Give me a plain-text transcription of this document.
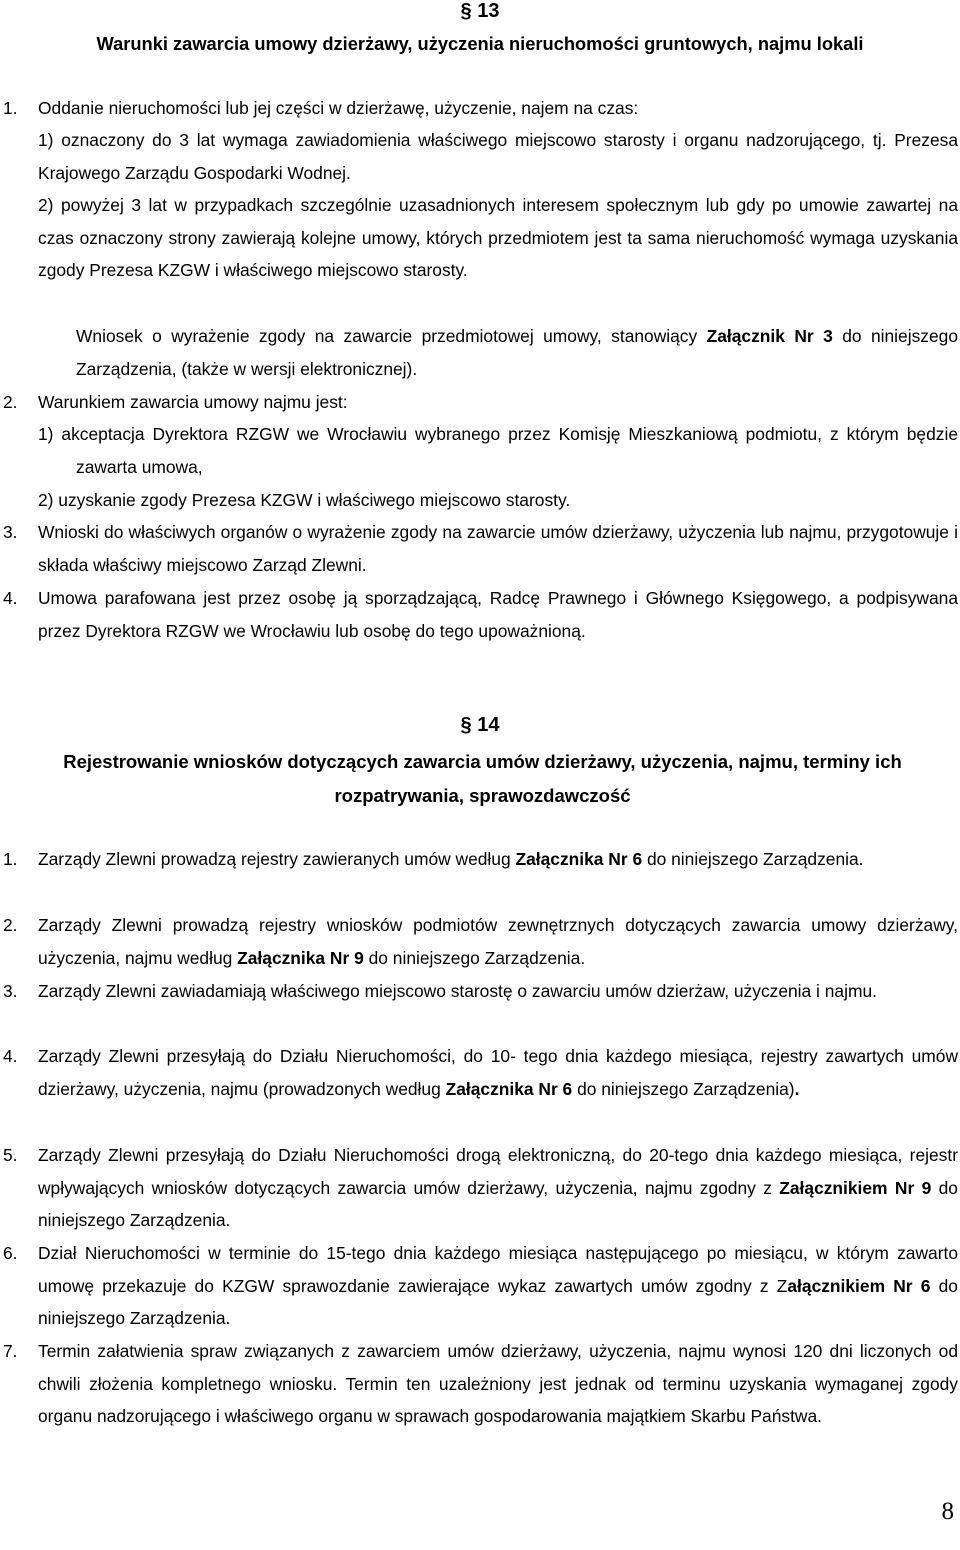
§ 13
Warunki zawarcia umowy dzierżawy, użyczenia nieruchomości gruntowych, najmu lokali
1. Oddanie nieruchomości lub jej części w dzierżawę, użyczenie, najem na czas:
1) oznaczony do 3 lat wymaga zawiadomienia właściwego miejscowo starosty i organu nadzorującego, tj. Prezesa Krajowego Zarządu Gospodarki Wodnej.
2) powyżej 3 lat w przypadkach szczególnie uzasadnionych interesem społecznym lub gdy po umowie zawartej na czas oznaczony strony zawierają kolejne umowy, których przedmiotem jest ta sama nieruchomość wymaga uzyskania zgody Prezesa KZGW i właściwego miejscowo starosty.
Wniosek o wyrażenie zgody na zawarcie przedmiotowej umowy, stanowiący Załącznik Nr 3 do niniejszego Zarządzenia, (także w wersji elektronicznej).
2. Warunkiem zawarcia umowy najmu jest:
1) akceptacja Dyrektora RZGW we Wrocławiu wybranego przez Komisję Mieszkaniową podmiotu, z którym będzie zawarta umowa,
2) uzyskanie zgody Prezesa KZGW i właściwego miejscowo starosty.
3. Wnioski do właściwych organów o wyrażenie zgody na zawarcie umów dzierżawy, użyczenia lub najmu, przygotowuje i składa właściwy miejscowo Zarząd Zlewni.
4. Umowa parafowana jest przez osobę ją sporządzającą, Radcę Prawnego i Głównego Księgowego, a podpisywana przez Dyrektora RZGW we Wrocławiu lub osobę do tego upoważnioną.
§ 14
Rejestrowanie wniosków dotyczących zawarcia umów dzierżawy, użyczenia, najmu, terminy ich
rozpatrywania, sprawozdawczość
1. Zarządy Zlewni prowadzą rejestry zawieranych umów według Załącznika Nr 6 do niniejszego Zarządzenia.
2. Zarządy Zlewni prowadzą rejestry wniosków podmiotów zewnętrznych dotyczących zawarcia umowy dzierżawy, użyczenia, najmu według Załącznika Nr 9 do niniejszego Zarządzenia.
3. Zarządy Zlewni zawiadamiają właściwego miejscowo starostę o zawarciu umów dzierżaw, użyczenia i najmu.
4. Zarządy Zlewni przesyłają do Działu Nieruchomości, do 10- tego dnia każdego miesiąca, rejestry zawartych umów dzierżawy, użyczenia, najmu (prowadzonych według Załącznika Nr 6 do niniejszego Zarządzenia).
5. Zarządy Zlewni przesyłają do Działu Nieruchomości drogą elektroniczną, do 20-tego dnia każdego miesiąca, rejestr wpływających wniosków dotyczących zawarcia umów dzierżawy, użyczenia, najmu zgodny z Załącznikiem Nr 9 do niniejszego Zarządzenia.
6. Dział Nieruchomości w terminie do 15-tego dnia każdego miesiąca następującego po miesiącu, w którym zawarto umowę przekazuje do KZGW sprawozdanie zawierające wykaz zawartych umów zgodny z Załącznikiem Nr 6 do niniejszego Zarządzenia.
7. Termin załatwienia spraw związanych z zawarciem umów dzierżawy, użyczenia, najmu wynosi 120 dni liczonych od chwili złożenia kompletnego wniosku. Termin ten uzależniony jest jednak od terminu uzyskania wymaganej zgody organu nadzorującego i właściwego organu w sprawach gospodarowania majątkiem Skarbu Państwa.
8
